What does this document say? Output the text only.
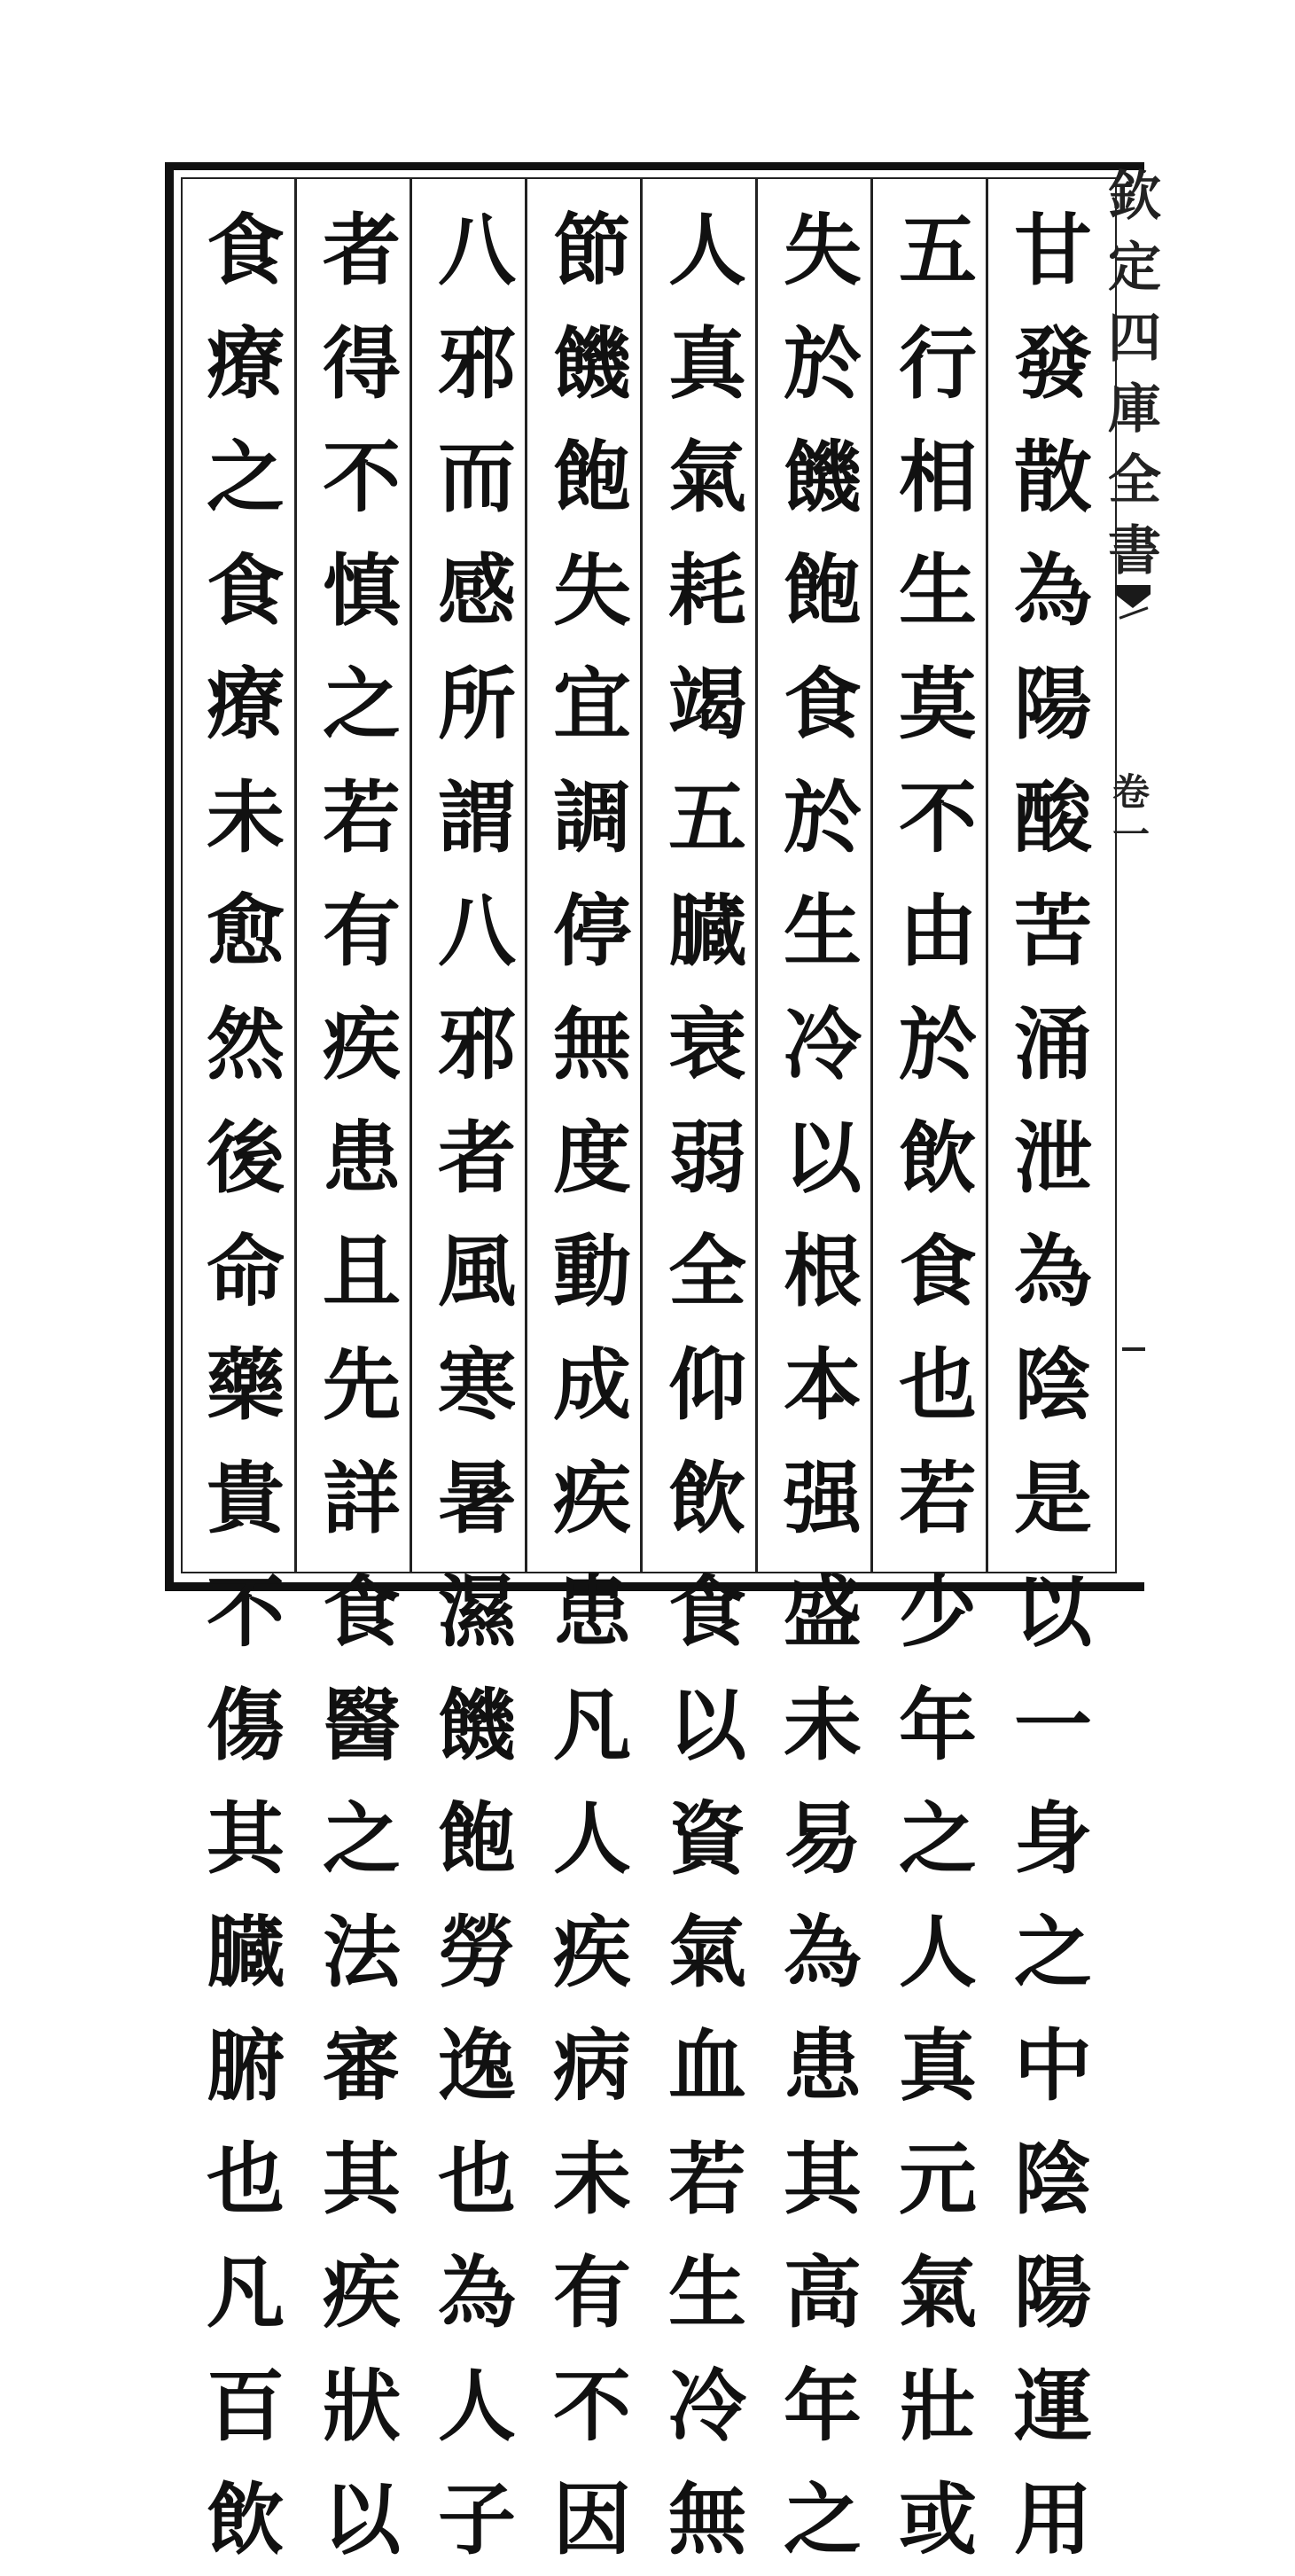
甘
發
散
為
陽
酸
苦
涌
泄
為
陰
是
以
一
身
之
中
陰
陽
運
用
五
行
相
生
莫
不
由
於
飲
食
也
若
少
年
之
人
真
元
氣
壯
或
失
於
饑
飽
食
於
生
冷
以
根
本
强
盛
未
易
為
患
其
高
年
之
人
真
氣
耗
竭
五
臓
衰
弱
全
仰
飲
食
以
資
氣
血
若
生
冷
無
節
饑
飽
失
宜
調
停
無
度
動
成
疾
患
凡
人
疾
病
未
有
不
因
八
邪
而
感
所
謂
八
邪
者
風
寒
暑
濕
饑
飽
勞
逸
也
為
人
子
者
得
不
慎
之
若
有
疾
患
且
先
詳
食
醫
之
法
審
其
疾
狀
以
食
療
之
食
療
未
愈
然
後
命
藥
貴
不
傷
其
臓
腑
也
凡
百
飲
欽
定
四
庫
全
書
卷
一
